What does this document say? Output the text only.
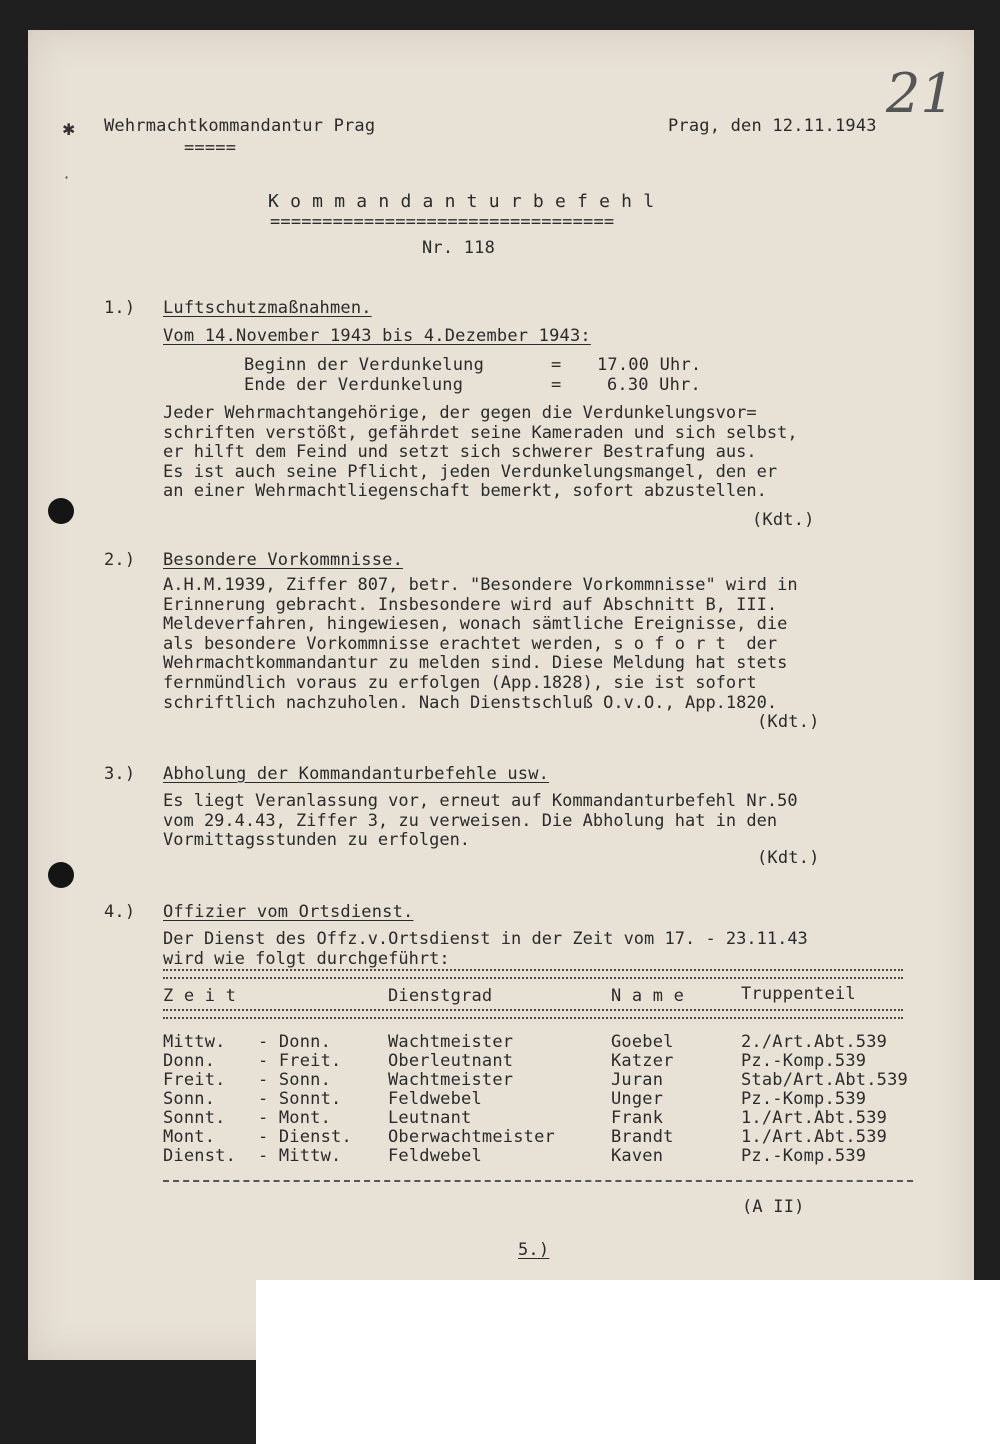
✱
·
Wehrmachtkommandantur Prag
=====
Prag, den 12.11.1943
21
K o m m a n d a n t u r b e f e h l
=================================
Nr. 118
1.) Luftschutzmaßnahmen.
Vom 14.November 1943 bis 4.Dezember 1943:
Beginn der Verdunkelung	= 17.00 Uhr.
Ende der Verdunkelung	=	6.30 Uhr.
Jeder Wehrmachtangehörige, der gegen die Verdunkelungsvor=
schriften verstößt, gefährdet seine Kameraden und sich selbst,
er hilft dem Feind und setzt sich schwerer Bestrafung aus.
Es ist auch seine Pflicht, jeden Verdunkelungsmangel, den er
an einer Wehrmachtliegenschaft bemerkt, sofort abzustellen.
(Kdt.)
2.) Besondere Vorkommnisse.
A.H.M.1939, Ziffer 807, betr. "Besondere Vorkommnisse" wird in
Erinnerung gebracht. Insbesondere wird auf Abschnitt B, III.
Meldeverfahren, hingewiesen, wonach sämtliche Ereignisse, die
als besondere Vorkommnisse erachtet werden, s o f o r t  der
Wehrmachtkommandantur zu melden sind. Diese Meldung hat stets
fernmündlich voraus zu erfolgen (App.1828), sie ist sofort
schriftlich nachzuholen. Nach Dienstschluß O.v.O., App.1820.
(Kdt.)
3.) Abholung der Kommandanturbefehle usw.
Es liegt Veranlassung vor, erneut auf Kommandanturbefehl Nr.50
vom 29.4.43, Ziffer 3, zu verweisen. Die Abholung hat in den
Vormittagsstunden zu erfolgen.
(Kdt.)
4.) Offizier vom Ortsdienst.
Der Dienst des Offz.v.Ortsdienst in der Zeit vom 17. - 23.11.43
wird wie folgt durchgeführt:
Z e i t	Dienstgrad	N a m e	Truppenteil
Mittw. - Donn.	Wachtmeister	Goebel	2./Art.Abt.539
Donn.	- Freit.	Oberleutnant	Katzer	Pz.-Komp.539
Freit. - Sonn.	Wachtmeister	Juran	Stab/Art.Abt.539
Sonn.	- Sonnt.	Feldwebel	Unger	Pz.-Komp.539
Sonnt. - Mont.	Leutnant	Frank	1./Art.Abt.539
Mont.	- Dienst. Oberwachtmeister	Brandt	1./Art.Abt.539
Dienst. - Mittw.	Feldwebel	Kaven	Pz.-Komp.539
(A II)
5.)
